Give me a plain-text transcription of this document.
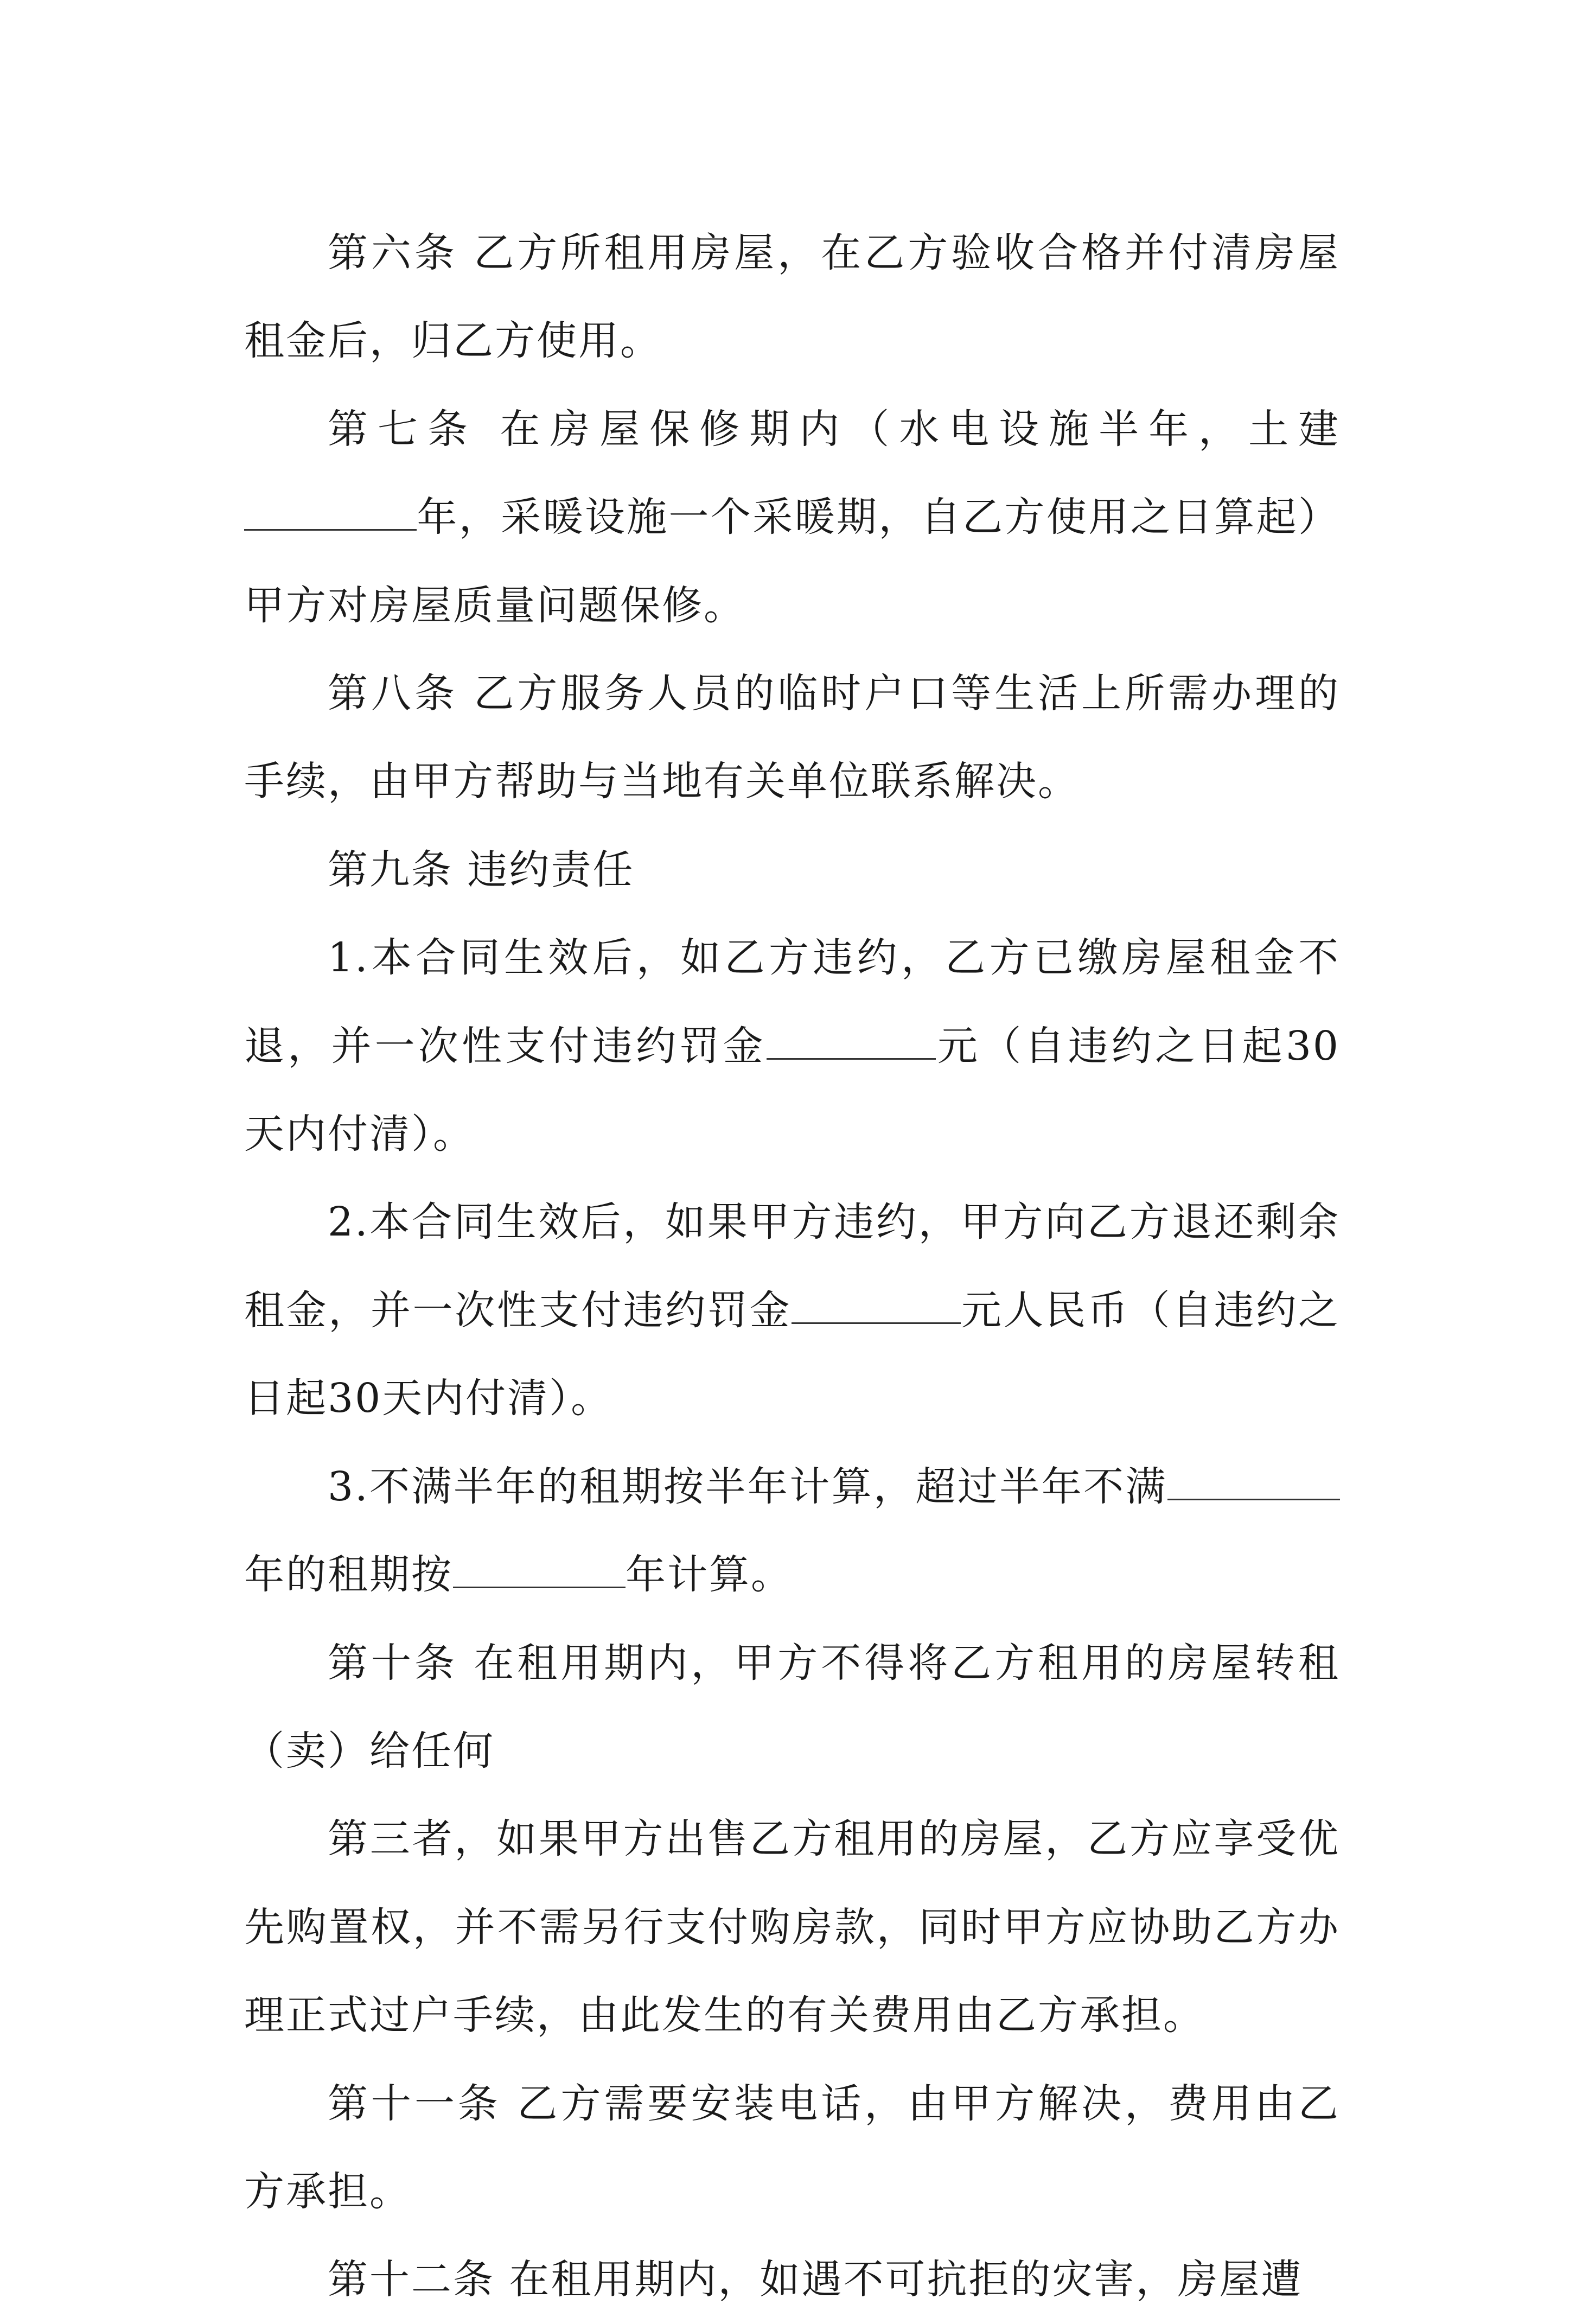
第六条 乙方所租用房屋，在乙方验收合格并付清房屋租金后，归乙方使用。

第七条 在房屋保修期内（水电设施半年，土建年，采暖设施一个采暖期，自乙方使用之日算起）甲方对房屋质量问题保修。

第八条 乙方服务人员的临时户口等生活上所需办理的手续，由甲方帮助与当地有关单位联系解决。

第九条 违约责任

1.本合同生效后，如乙方违约，乙方已缴房屋租金不退，并一次性支付违约罚金	元（自违约之日起30天内付清）。

2.本合同生效后，如果甲方违约，甲方向乙方退还剩余租金，并一次性支付违约罚金	元人民币（自违约之日起30天内付清）。

3.不满半年的租期按半年计算，超过半年不满年的租期按	年计算。

第十条 在租用期内，甲方不得将乙方租用的房屋转租（卖）给任何

第三者，如果甲方出售乙方租用的房屋，乙方应享受优先购置权，并不需另行支付购房款，同时甲方应协助乙方办理正式过户手续，由此发生的有关费用由乙方承担。

第十一条 乙方需要安装电话，由甲方解决，费用由乙方承担。

第十二条 在租用期内，如遇不可抗拒的灾害，房屋遭
